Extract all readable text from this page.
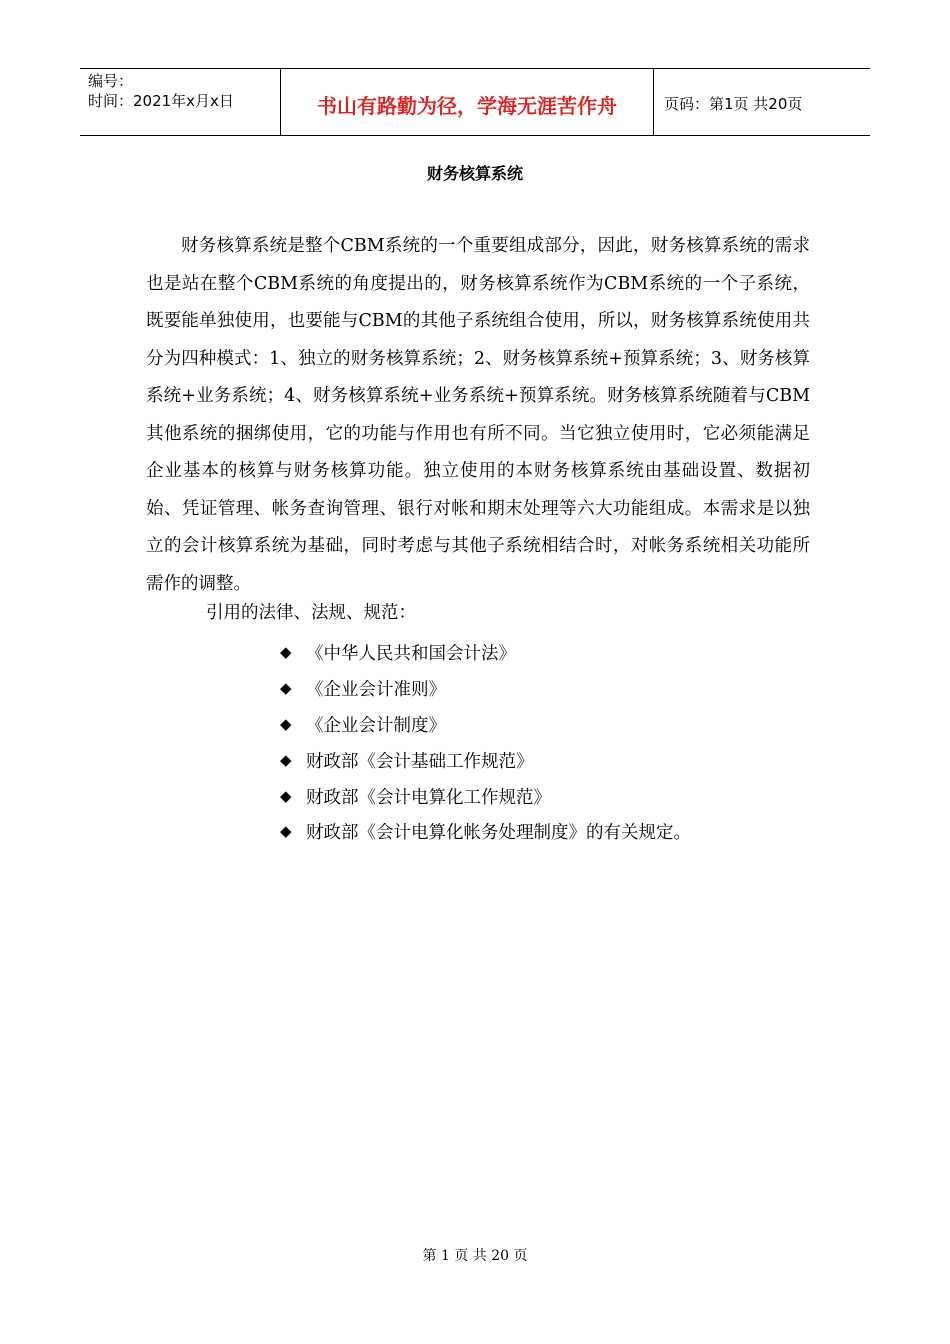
编号：
时间：2021年x月x日	书山有路勤为径，学海无涯苦作舟	页码：第1页 共20页
财务核算系统

财务核算系统是整个CBM系统的一个重要组成部分，因此，财务核算系统的需求也是站在整个CBM系统的角度提出的，财务核算系统作为CBM系统的一个子系统，既要能单独使用，也要能与CBM的其他子系统组合使用，所以，财务核算系统使用共分为四种模式：1、独立的财务核算系统；2、财务核算系统+预算系统；3、财务核算系统+业务系统；4、财务核算系统+业务系统+预算系统。财务核算系统随着与CBM其他系统的捆绑使用，它的功能与作用也有所不同。当它独立使用时，它必须能满足企业基本的核算与财务核算功能。独立使用的本财务核算系统由基础设置、数据初始、凭证管理、帐务查询管理、银行对帐和期末处理等六大功能组成。本需求是以独立的会计核算系统为基础，同时考虑与其他子系统相结合时，对帐务系统相关功能所需作的调整。

引用的法律、法规、规范：

◆ 《中华人民共和国会计法》
◆ 《企业会计准则》
◆ 《企业会计制度》
◆ 财政部《会计基础工作规范》
◆ 财政部《会计电算化工作规范》
◆ 财政部《会计电算化帐务处理制度》的有关规定。
第 1 页 共 20 页
